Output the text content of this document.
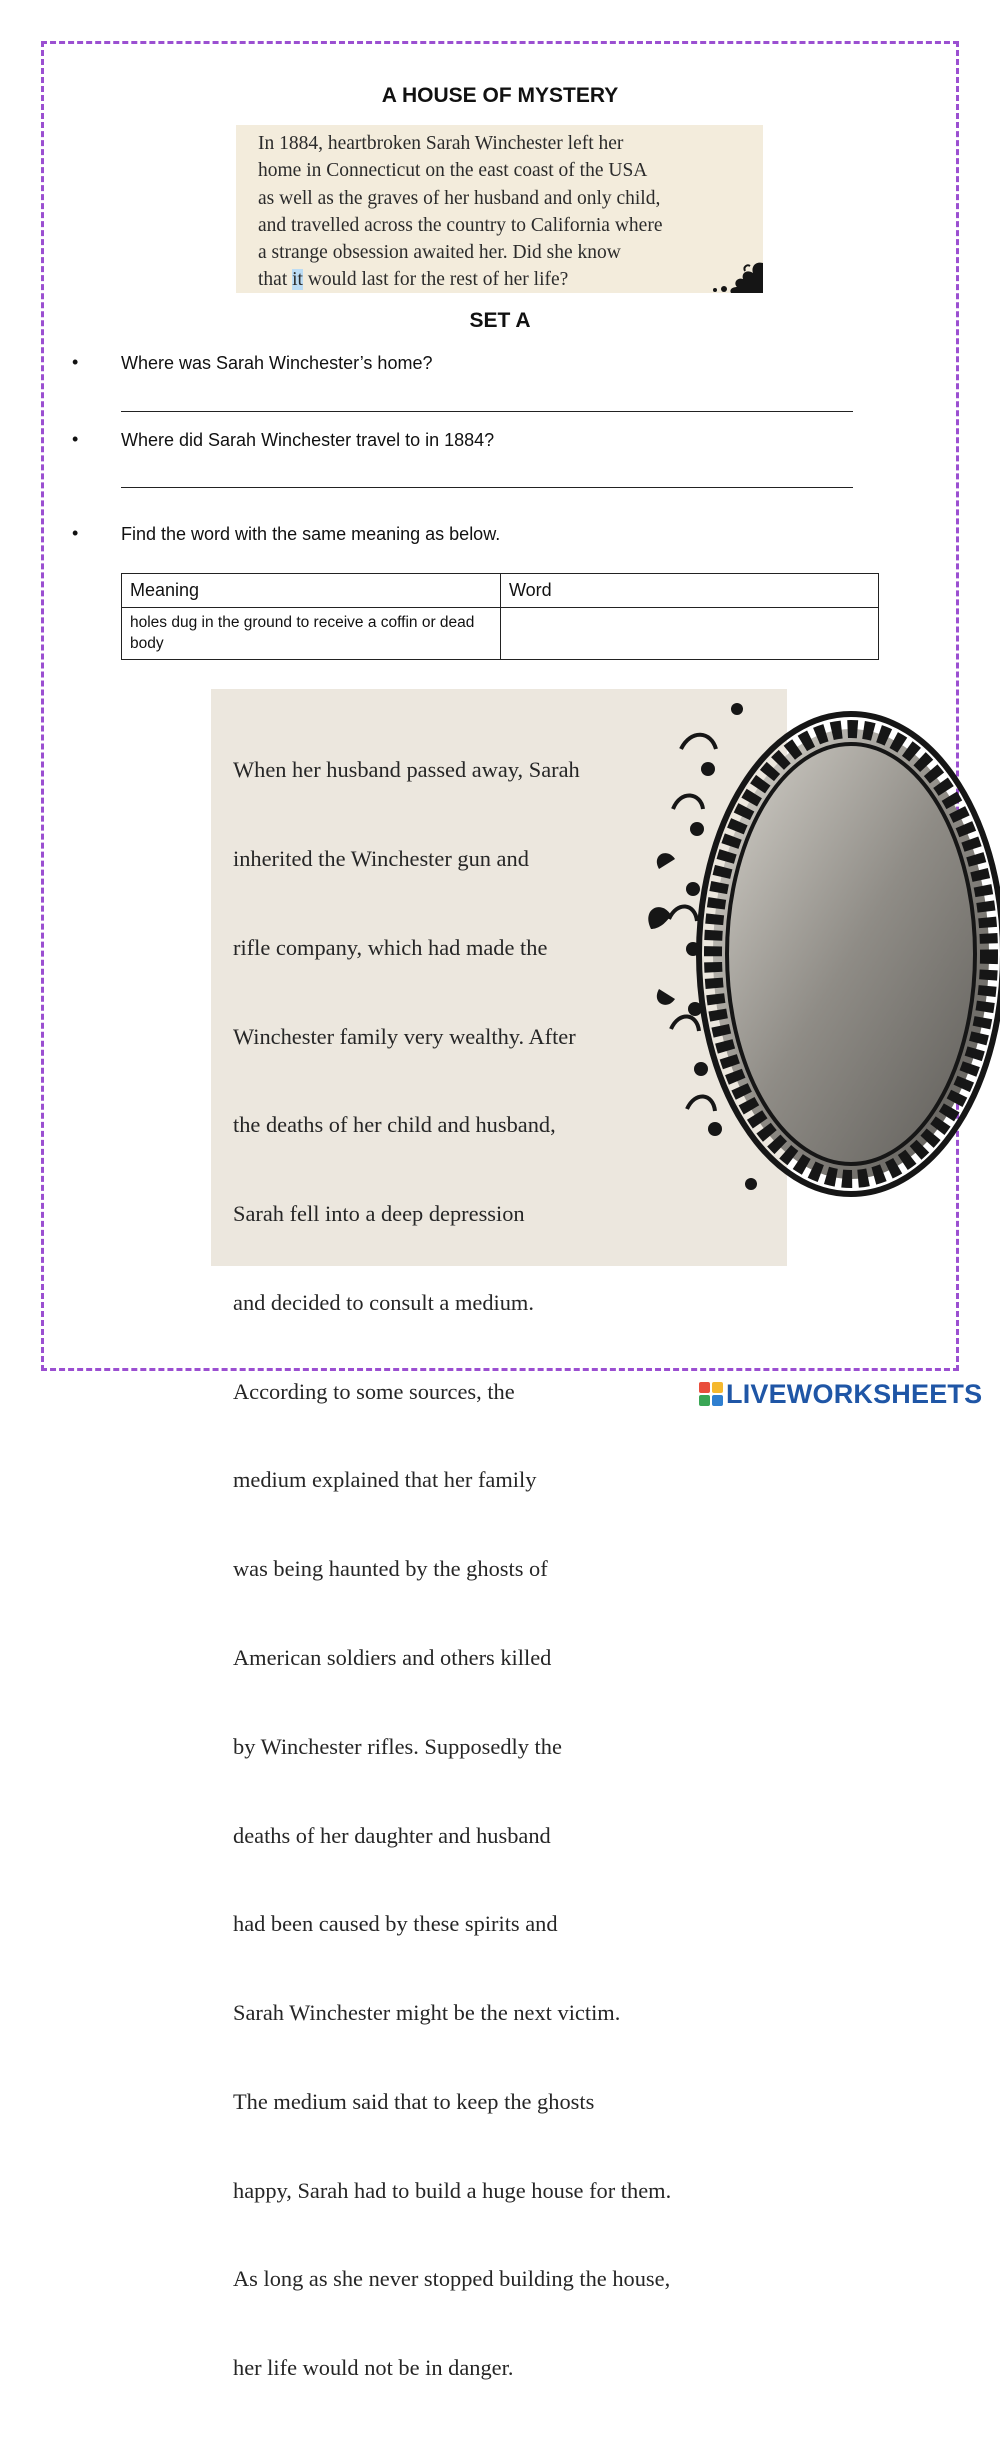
A HOUSE OF MYSTERY
In 1884, heartbroken Sarah Winchester left her
home in Connecticut on the east coast of the USA
as well as the graves of her husband and only child,
and travelled across the country to California where
a strange obsession awaited her. Did she know
that it would last for the rest of her life?
SET A
• Where was Sarah Winchester’s home?
• Where did Sarah Winchester travel to in 1884?
• Find the word with the same meaning as below.
Meaning	Word
holes dug in the ground to receive a coffin or dead body	

When her husband passed away, Sarah

inherited the Winchester gun and

rifle company, which had made the

Winchester family very wealthy. After

the deaths of her child and husband,

Sarah fell into a deep depression

and decided to consult a medium.

According to some sources, the

medium explained that her family

was being haunted by the ghosts of

American soldiers and others killed

by Winchester rifles. Supposedly the

deaths of her daughter and husband

had been caused by these spirits and

Sarah Winchester might be the next victim.

The medium said that to keep the ghosts

happy, Sarah had to build a huge house for them.

As long as she never stopped building the house,

her life would not be in danger.

LIVEWORKSHEETS
